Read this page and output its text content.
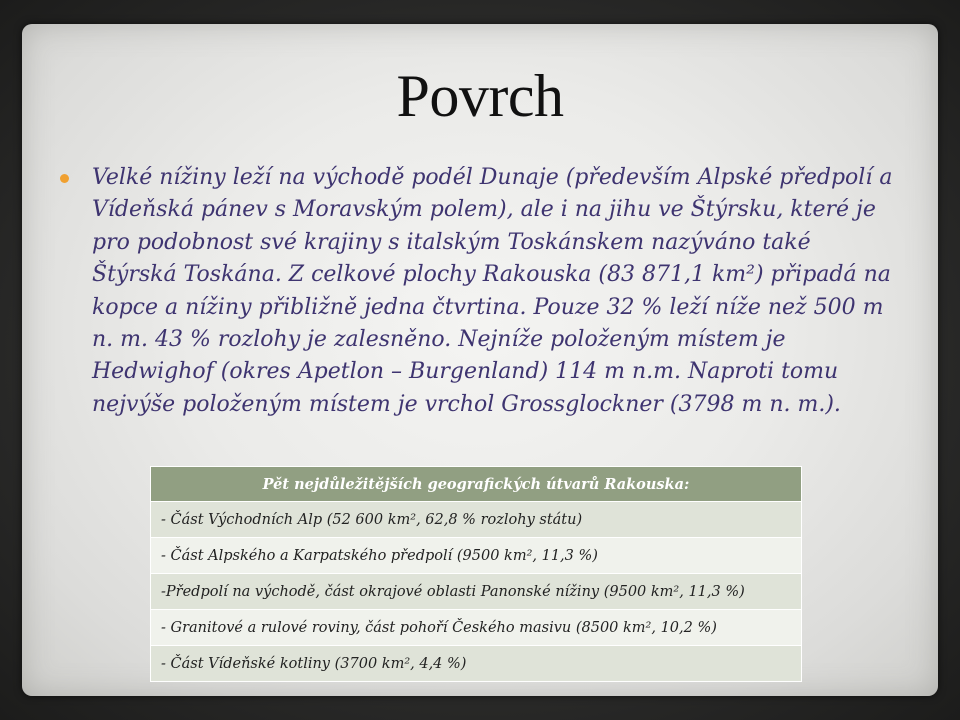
Povrch

Velké nížiny leží na východě podél Dunaje (především Alpské předpolí a Vídeňská pánev s Moravským polem), ale i na jihu ve Štýrsku, které je pro podobnost své krajiny s italským Toskánskem nazýváno také Štýrská Toskána. Z celkové plochy Rakouska (83 871,1 km²) připadá na kopce a nížiny přibližně jedna čtvrtina. Pouze 32 % leží níže než 500 m n. m. 43 % rozlohy je zalesněno. Nejníže položeným místem je Hedwighof (okres Apetlon – Burgenland) 114 m n.m. Naproti tomu nejvýše položeným místem je vrchol Grossglockner (3798 m n. m.).

Pět nejdůležitějších geografických útvarů Rakouska:
- Část Východních Alp (52 600 km², 62,8 % rozlohy státu)
- Část Alpského a Karpatského předpolí (9500 km², 11,3 %)
-Předpolí na východě, část okrajové oblasti Panonské nížiny (9500 km², 11,3 %)
- Granitové a rulové roviny, část pohoří Českého masivu (8500 km², 10,2 %)
- Část Vídeňské kotliny (3700 km², 4,4 %)
